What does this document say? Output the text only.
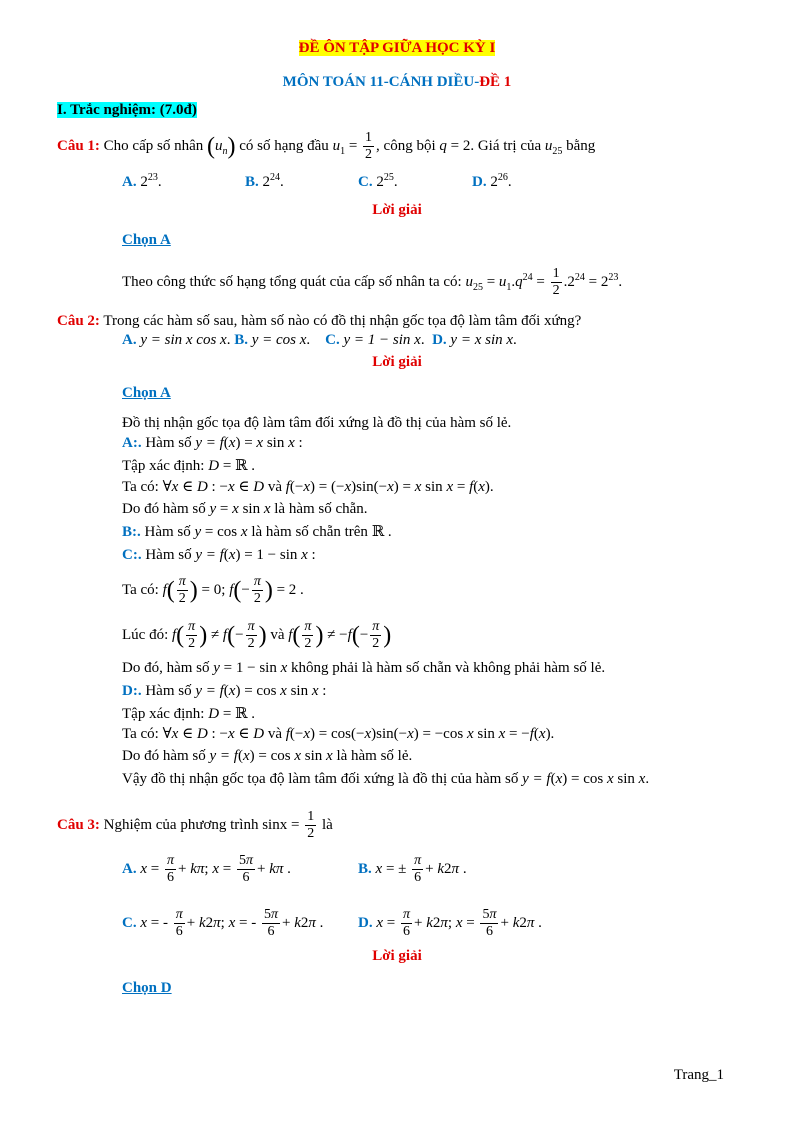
ĐỀ ÔN TẬP GIỮA HỌC KỲ I
MÔN TOÁN 11-CÁNH DIỀU-ĐỀ 1
I. Trắc nghiệm: (7.0đ)
Câu 1: Cho cấp số nhân $(u_n)$ có số hạng đầu $u_1 = \frac{1}{2}$ , công bội q = 2. Giá trị của $u_{25}$ bằng
A. $2^{23}$.	B. $2^{24}$.	C. $2^{25}$.	D. $2^{26}$.
Lời giải
Chọn A
Theo công thức số hạng tổng quát của cấp số nhân ta có: $u_{25} = u_1.q^{24} = \frac{1}{2} .2^{24} = 2^{23}$.
Câu 2: Trong các hàm số sau, hàm số nào có đồ thị nhận gốc tọa độ làm tâm đối xứng?
A. y = sin x cos x. B. y = cos x.    C. y = 1 − sin x.  D. y = x sin x.
Lời giải
Chọn A
Đồ thị nhận gốc tọa độ làm tâm đối xứng là đồ thị của hàm số lẻ.
A:. Hàm số y = f(x) = x sin x :
Tập xác định: D = ℝ .
Ta có: ∀x ∈ D : −x ∈ D và f(−x) = (−x)sin(−x) = x sin x = f(x).
Do đó hàm số y = x sin x là hàm số chẵn.
B:. Hàm số y = cos x là hàm số chẵn trên ℝ .
C:. Hàm số y = f(x) = 1 − sin x :
Ta có: $f( \frac{\pi}{2}$ ) = 0; $f(- \frac{\pi}{2}$ ) = 2 .
Lúc đó: $f( \frac{\pi}{2}$ ) ≠ $f(- \frac{\pi}{2}$ ) và $f( \frac{\pi}{2}$ ) ≠ $-f(- \frac{\pi}{2}$ )
Do đó, hàm số y = 1 − sin x không phải là hàm số chẵn và không phải hàm số lẻ.
D:. Hàm số y = f(x) = cos x sin x :
Tập xác định: D = ℝ .
Ta có: ∀x ∈ D : −x ∈ D và f(−x) = cos(−x)sin(−x) = −cos x sin x = −f(x).
Do đó hàm số y = f(x) = cos x sin x là hàm số lẻ.
Vậy đồ thị nhận gốc tọa độ làm tâm đối xứng là đồ thị của hàm số y = f(x) = cos x sin x.
Câu 3: Nghiệm của phương trình $\sin x = \frac{1}{2}$ là
A. $x = \frac{\pi}{6} + k\pi$; $x = \frac{5\pi}{6} + k\pi$ .	B. x = ± $\frac{\pi}{6} + k2\pi$ .
C. x = - $\frac{\pi}{6} + k2\pi$; x = - $\frac{5\pi}{6} + k2\pi$ . D. $x = \frac{\pi}{6} + k2\pi$; $x = \frac{5\pi}{6} + k2\pi$ .
Lời giải
Chọn D
Trang_1
